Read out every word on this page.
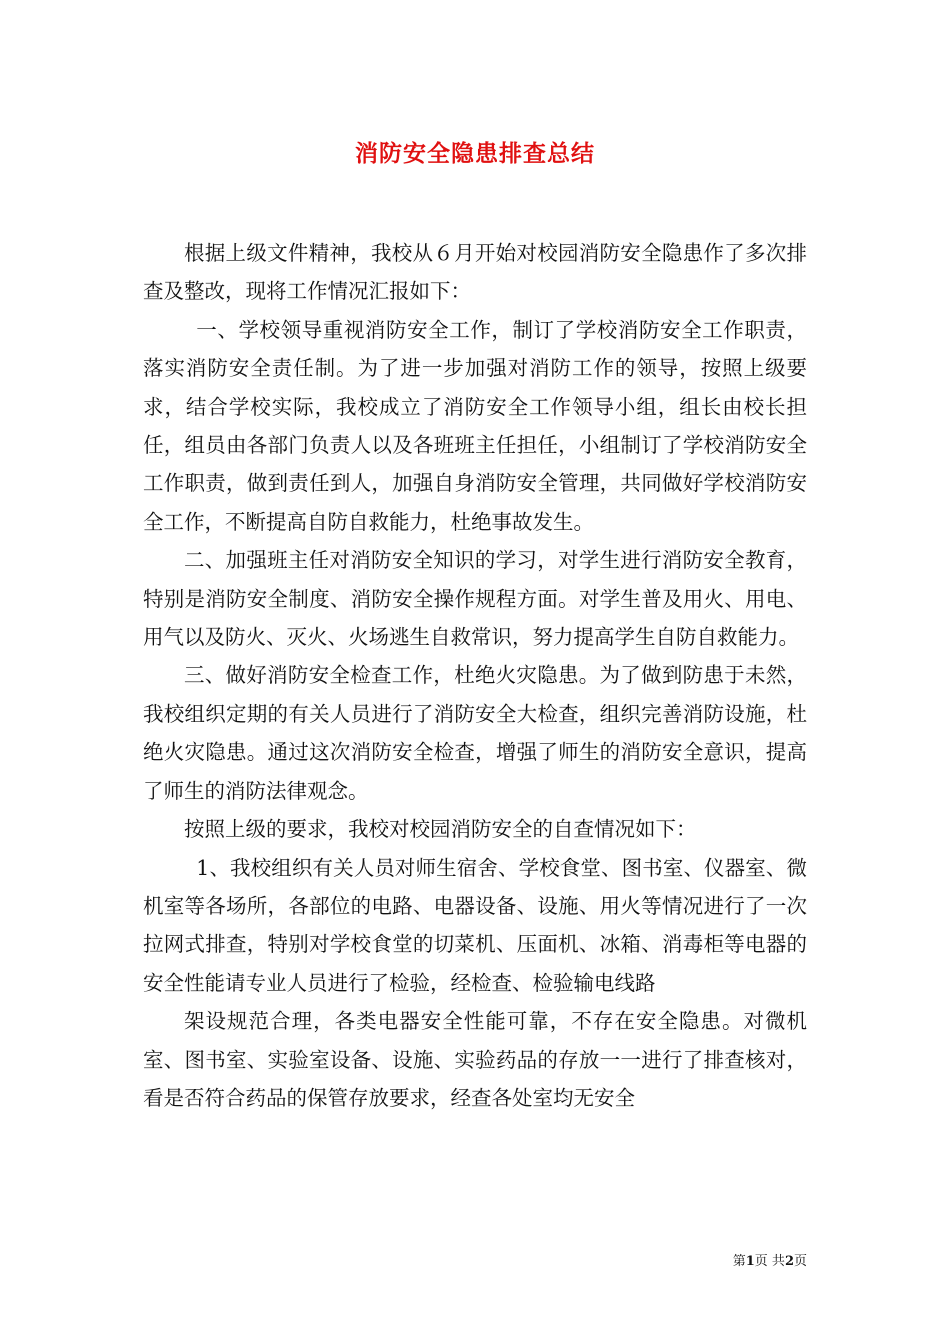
消防安全隐患排查总结

根据上级文件精神，我校从６月开始对校园消防安全隐患作了多次排查及整改，现将工作情况汇报如下：

一、学校领导重视消防安全工作，制订了学校消防安全工作职责，落实消防安全责任制。为了进一步加强对消防工作的领导，按照上级要求，结合学校实际，我校成立了消防安全工作领导小组，组长由校长担任，组员由各部门负责人以及各班班主任担任，小组制订了学校消防安全工作职责，做到责任到人，加强自身消防安全管理，共同做好学校消防安全工作，不断提高自防自救能力，杜绝事故发生。

二、加强班主任对消防安全知识的学习，对学生进行消防安全教育，特别是消防安全制度、消防安全操作规程方面。对学生普及用火、用电、用气以及防火、灭火、火场逃生自救常识，努力提高学生自防自救能力。

三、做好消防安全检查工作，杜绝火灾隐患。为了做到防患于未然，我校组织定期的有关人员进行了消防安全大检查，组织完善消防设施，杜绝火灾隐患。通过这次消防安全检查，增强了师生的消防安全意识，提高了师生的消防法律观念。

按照上级的要求，我校对校园消防安全的自查情况如下：

1、我校组织有关人员对师生宿舍、学校食堂、图书室、仪器室、微机室等各场所，各部位的电路、电器设备、设施、用火等情况进行了一次拉网式排查，特别对学校食堂的切菜机、压面机、冰箱、消毒柜等电器的安全性能请专业人员进行了检验，经检查、检验输电线路

架设规范合理，各类电器安全性能可靠，不存在安全隐患。对微机室、图书室、实验室设备、设施、实验药品的存放一一进行了排查核对，看是否符合药品的保管存放要求，经查各处室均无安全

第1页 共2页
